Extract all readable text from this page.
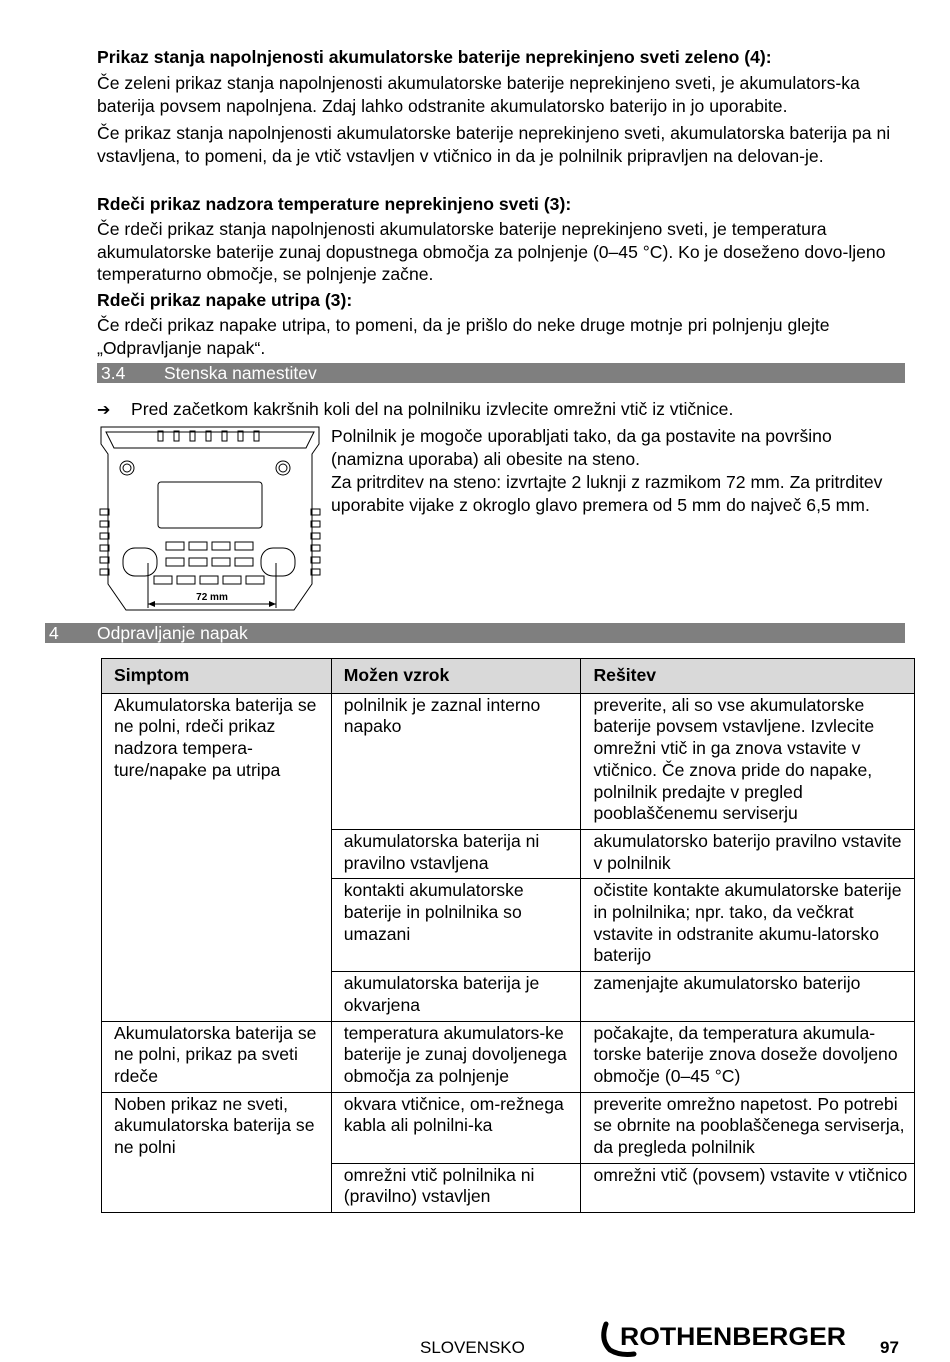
Prikaz stanja napolnjenosti akumulatorske baterije neprekinjeno sveti zeleno (4):

Če zeleni prikaz stanja napolnjenosti akumulatorske baterije neprekinjeno sveti, je akumulators-ka baterija povsem napolnjena. Zdaj lahko odstranite akumulatorsko baterijo in jo uporabite.

Če prikaz stanja napolnjenosti akumulatorske baterije neprekinjeno sveti, akumulatorska baterija pa ni vstavljena, to pomeni, da je vtič vstavljen v vtičnico in da je polnilnik pripravljen na delovan-je.

Rdeči prikaz nadzora temperature neprekinjeno sveti (3):

Če rdeči prikaz stanja napolnjenosti akumulatorske baterije neprekinjeno sveti, je temperatura akumulatorske baterije zunaj dopustnega območja za polnjenje (0–45 °C). Ko je doseženo dovo-ljeno temperaturno območje, se polnjenje začne.

Rdeči prikaz napake utripa (3):

Če rdeči prikaz napake utripa, to pomeni, da je prišlo do neke druge motnje pri polnjenju glejte „Odpravljanje napak“.

3.4 Stenska namestitev
➔ Pred začetkom kakršnih koli del na polnilniku izvlecite omrežni vtič iz vtičnice.
72 mm

Polnilnik je mogoče uporabljati tako, da ga postavite na površino (namizna uporaba) ali obesite na steno.

Za pritrditev na steno: izvrtajte 2 luknji z razmikom 72 mm. Za pritrditev uporabite vijake z okroglo glavo premera od 5 mm do največ 6,5 mm.

4 Odpravljanje napak
Simptom	Možen vzrok	Rešitev
Akumulatorska baterija se ne polni, rdeči prikaz nadzora tempera-ture/napake pa utripa	polnilnik je zaznal interno napako	preverite, ali so vse akumulatorske baterije povsem vstavljene. Izvlecite omrežni vtič in ga znova vstavite v vtičnico. Če znova pride do napake, polnilnik predajte v pregled pooblaščenemu serviserju
	akumulatorska baterija ni pravilno vstavljena	akumulatorsko baterijo pravilno vstavite v polnilnik
	kontakti akumulatorske baterije in polnilnika so umazani	očistite kontakte akumulatorske baterije in polnilnika; npr. tako, da večkrat vstavite in odstranite akumu-latorsko baterijo
	akumulatorska baterija je okvarjena	zamenjajte akumulatorsko baterijo
Akumulatorska baterija se ne polni, prikaz pa sveti rdeče	temperatura akumulators-ke baterije je zunaj dovoljenega območja za polnjenje	počakajte, da temperatura akumula-torske baterije znova doseže dovoljeno območje (0–45 °C)
Noben prikaz ne sveti, akumulatorska baterija se ne polni	okvara vtičnice, om-režnega kabla ali polnilni-ka	preverite omrežno napetost. Po potrebi se obrnite na pooblaščenega serviserja, da pregleda polnilnik
	omrežni vtič polnilnika ni (pravilno) vstavljen	omrežni vtič (povsem) vstavite v vtičnico
SLOVENSKO	ROTHENBERGER 97
